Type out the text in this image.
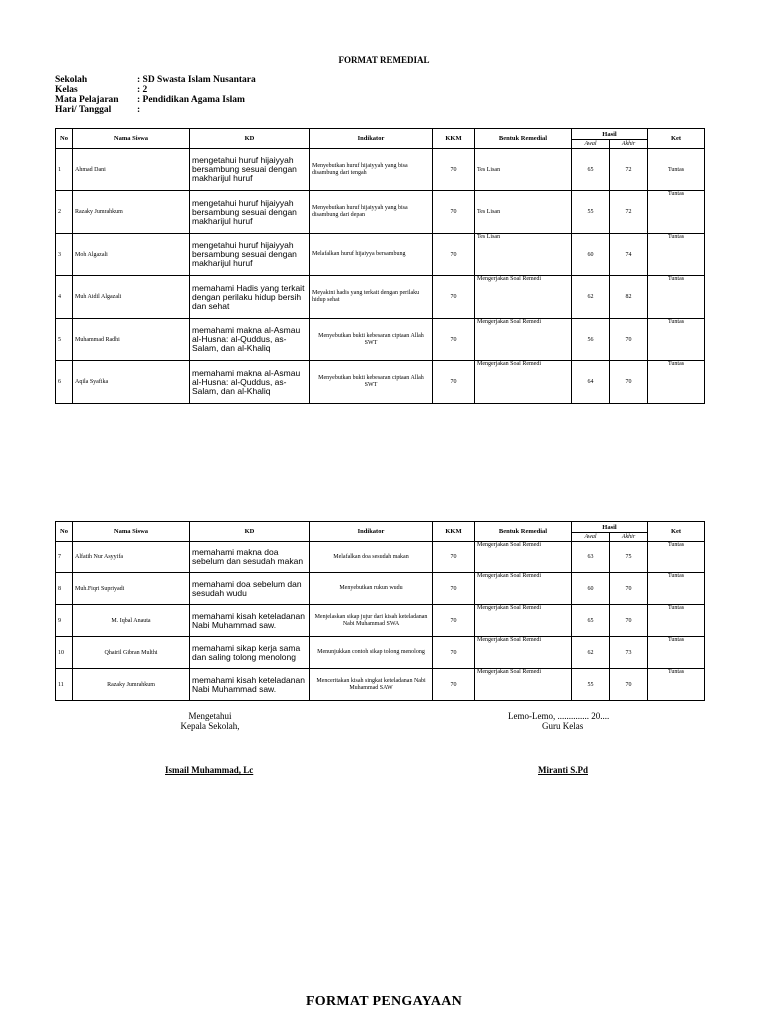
FORMAT REMEDIAL
Sekolah	: SD Swasta Islam Nusantara
Kelas	: 2
Mata Pelajaran	: Pendidikan Agama Islam
Hari/ Tanggal	:
No	Nama Siswa	KD	Indikator	KKM	Bentuk Remedial	Hasil		Ket
						Awal	Akhir	
1	Ahmad Dani	mengetahui huruf hijaiyyah bersambung sesuai dengan makharijul huruf	Menyebutkan huruf hijaiyyah yang bisa disambung dari tengah	70	Tes Lisan	65	72	Tuntas
2	Razaky Jumrahkum	mengetahui huruf hijaiyyah bersambung sesuai dengan makharijul huruf	Menyebutkan huruf hijaiyyah yang bisa disambung dari depan	70	Tes Lisan	55	72	Tuntas
3	Moh Algazali	mengetahui huruf hijaiyyah bersambung sesuai dengan makharijul huruf	Melafalkan huruf hijaiyya bersambung	70	Tes Lisan	60	74	Tuntas
4	Muh Aidil Algazali	memahami Hadis yang terkait dengan perilaku hidup bersih dan sehat	Meyakini hadis yang terkait dengan perilaku hidup sehat	70	Mengerjakan Soal Remedi	62	82	Tuntas
5	Muhammad Radhi	memahami makna al-Asmau al-Husna: al-Quddus, as-Salam, dan al-Khaliq	Menyebutkan bukti kebesaran ciptaan Allah SWT	70	Mengerjakan Soal Remedi	56	70	Tuntas
6	Aqila Syafika	memahami makna al-Asmau al-Husna: al-Quddus, as-Salam, dan al-Khaliq	Menyebutkan bukti kebesaran ciptaan Allah SWT	70	Mengerjakan Soal Remedi	64	70	Tuntas
No	Nama Siswa	KD	Indikator	KKM	Bentuk Remedial	Hasil		Ket
						Awal	Akhir	
7	Alfatih Nur Asyyifa	memahami makna doa sebelum dan sesudah makan	Melafalkan doa sesudah makan	70	Mengerjakan Soal Remedi	63	75	Tuntas
8	Muh.Fiqri Supriyadi	memahami doa sebelum dan sesudah wudu	Menyebutkan rukun wudu	70	Mengerjakan Soal Remedi	60	70	Tuntas
9	M. Iqbal Anauta	memahami kisah keteladanan Nabi Muhammad saw.	Menjelaskan sikap jujur dari kisah keteladanan Nabi Muhammad SWA	70	Mengerjakan Soal Remedi	65	70	Tuntas
10	Qhairil Gibran Multhi	memahami sikap kerja sama dan saling tolong menolong	Menunjukkan contoh sikap tolong menolong	70	Mengerjakan Soal Remedi	62	73	Tuntas
11	Razaky Jumrahkum	memahami kisah keteladanan Nabi Muhammad saw.	Menceritakan kisah singkat keteladanan Nabi Muhammad SAW	70	Mengerjakan Soal Remedi	55	70	Tuntas
Mengetahui
Kepala Sekolah,
Ismail Muhammad, Lc
Lemo-Lemo, .............. 20....
Guru Kelas
Miranti S.Pd
FORMAT PENGAYAAN
